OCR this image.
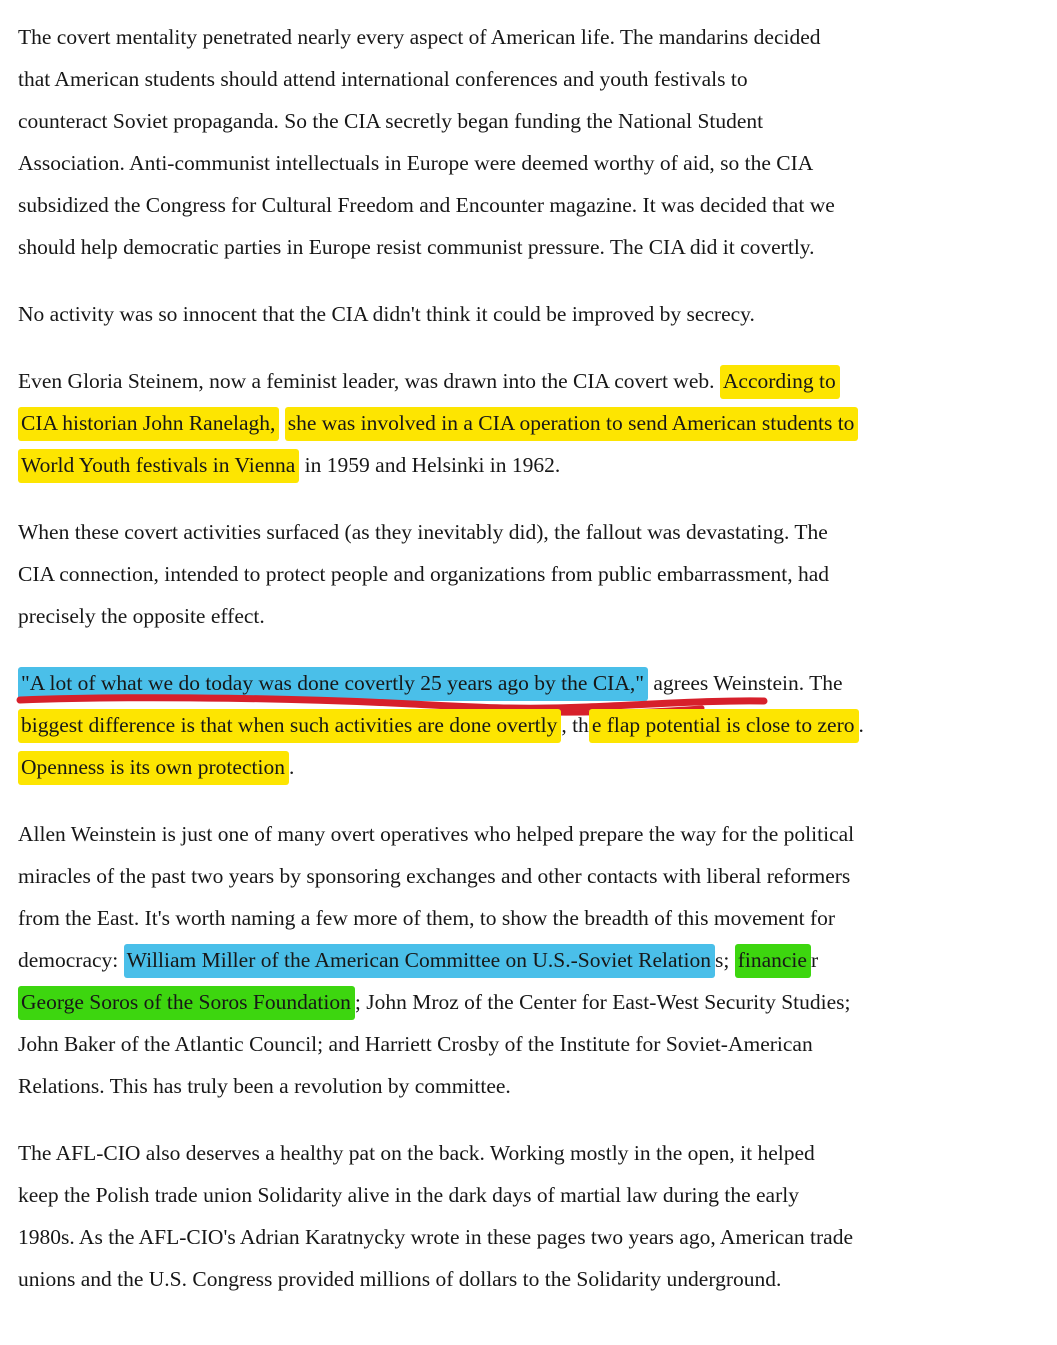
The covert mentality penetrated nearly every aspect of American life. The mandarins decided
that American students should attend international conferences and youth festivals to
counteract Soviet propaganda. So the CIA secretly began funding the National Student
Association. Anti-communist intellectuals in Europe were deemed worthy of aid, so the CIA
subsidized the Congress for Cultural Freedom and Encounter magazine. It was decided that we
should help democratic parties in Europe resist communist pressure. The CIA did it covertly.
No activity was so innocent that the CIA didn't think it could be improved by secrecy.
Even Gloria Steinem, now a feminist leader, was drawn into the CIA covert web. According to
CIA historian John Ranelagh, she was involved in a CIA operation to send American students to
World Youth festivals in Vienna in 1959 and Helsinki in 1962.
When these covert activities surfaced (as they inevitably did), the fallout was devastating. The
CIA connection, intended to protect people and organizations from public embarrassment, had
precisely the opposite effect.
"A lot of what we do today was done covertly 25 years ago by the CIA," agrees Weinstein. The
biggest difference is that when such activities are done overtly , th e flap potential is close to zero .
Openness is its own protection .
Allen Weinstein is just one of many overt operatives who helped prepare the way for the political
miracles of the past two years by sponsoring exchanges and other contacts with liberal reformers
from the East. It's worth naming a few more of them, to show the breadth of this movement for
democracy: William Miller of the American Committee on U.S.-Soviet Relation s; financie r
George Soros of the Soros Foundation ; John Mroz of the Center for East-West Security Studies;
John Baker of the Atlantic Council; and Harriett Crosby of the Institute for Soviet-American
Relations. This has truly been a revolution by committee.
The AFL-CIO also deserves a healthy pat on the back. Working mostly in the open, it helped
keep the Polish trade union Solidarity alive in the dark days of martial law during the early
1980s. As the AFL-CIO's Adrian Karatnycky wrote in these pages two years ago, American trade
unions and the U.S. Congress provided millions of dollars to the Solidarity underground.
